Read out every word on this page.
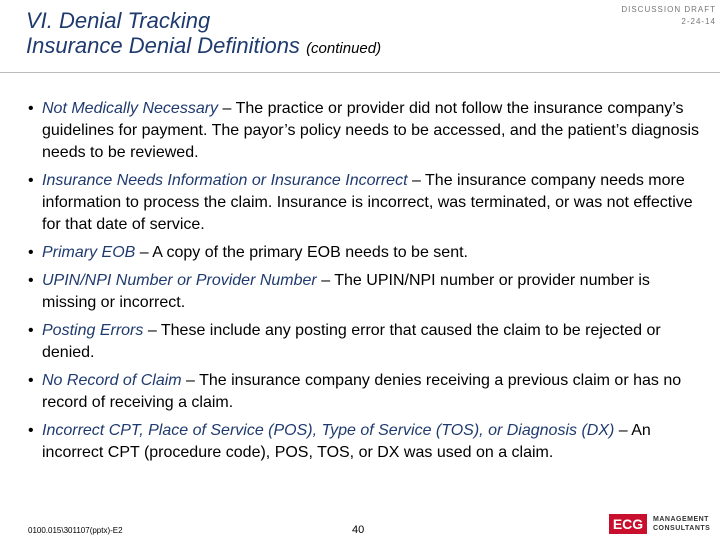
VI. Denial Tracking
Insurance Denial Definitions (continued)
DISCUSSION DRAFT
2-24-14
• Not Medically Necessary – The practice or provider did not follow the insurance company’s guidelines for payment. The payor’s policy needs to be accessed, and the patient’s diagnosis needs to be reviewed.
• Insurance Needs Information or Insurance Incorrect – The insurance company needs more information to process the claim. Insurance is incorrect, was terminated, or was not effective for that date of service.
• Primary EOB – A copy of the primary EOB needs to be sent.
• UPIN/NPI Number or Provider Number – The UPIN/NPI number or provider number is missing or incorrect.
• Posting Errors – These include any posting error that caused the claim to be rejected or denied.
• No Record of Claim – The insurance company denies receiving a previous claim or has no record of receiving a claim.
• Incorrect CPT, Place of Service (POS), Type of Service (TOS), or Diagnosis (DX) – An incorrect CPT (procedure code), POS, TOS, or DX was used on a claim.
0100.015\301107(pptx)-E2	40	ECG	MANAGEMENT
CONSULTANTS
